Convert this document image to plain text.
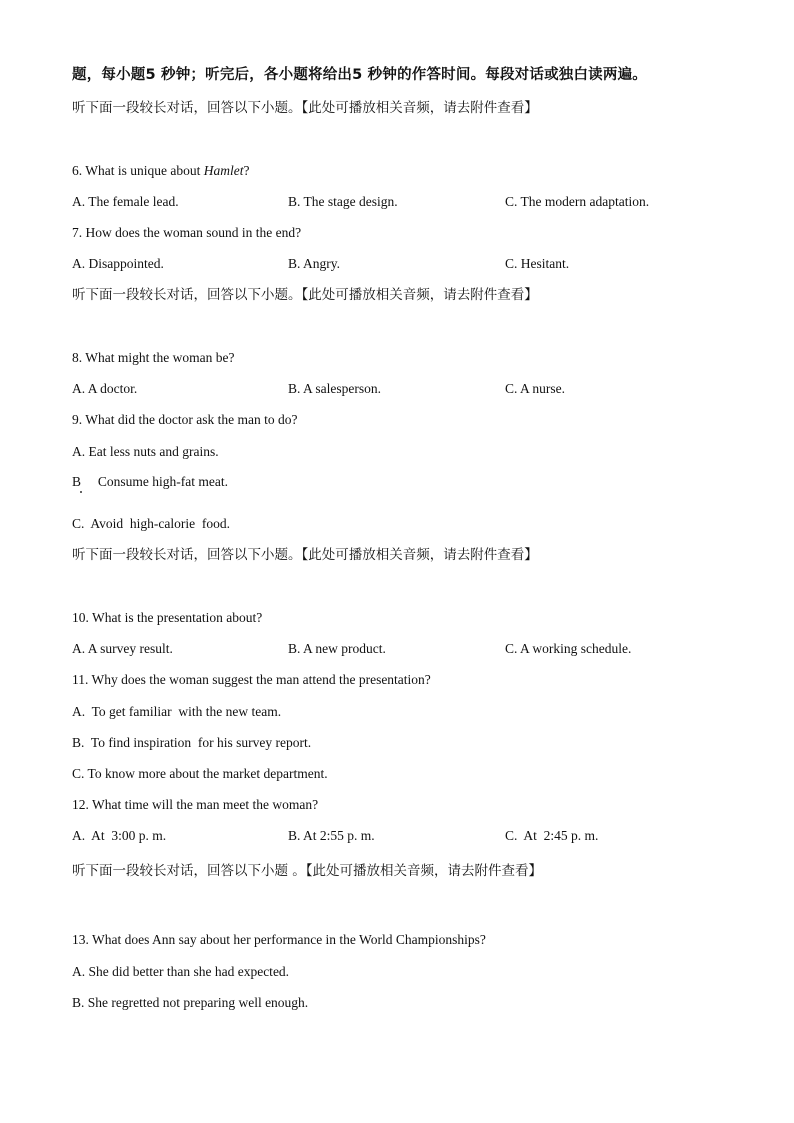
题，每小题5 秒钟；听完后，各小题将给出5 秒钟的作答时间。每段对话或独白读两遍。
听下面一段较长对话，回答以下小题。【此处可播放相关音频，请去附件查看】
6. What is unique about Hamlet?
A. The female lead.	B. The stage design.	C. The modern adaptation.
7. How does the woman sound in the end?
A. Disappointed.	B. Angry.	C. Hesitant.
听下面一段较长对话，回答以下小题。【此处可播放相关音频，请去附件查看】
8. What might the woman be?
A. A doctor.	B. A salesperson.	C. A nurse.
9. What did the doctor ask the man to do?
A. Eat less nuts and grains.
B     Consume high-fat meat.
C.  Avoid  high-calorie  food.
听下面一段较长对话，回答以下小题。【此处可播放相关音频，请去附件查看】
10. What is the presentation about?
A. A survey result.	B. A new product.	C. A working schedule.
11. Why does the woman suggest the man attend the presentation?
A.  To get familiar  with the new team.
B.  To find inspiration  for his survey report.
C. To know more about the market department.
12. What time will the man meet the woman?
A.  At  3:00 p. m.	B. At 2:55 p. m.	C.  At  2:45 p. m.
听下面一段较长对话，回答以下小题 。【此处可播放相关音频，请去附件查看】
13. What does Ann say about her performance in the World Championships?
A. She did better than she had expected.
B. She regretted not preparing well enough.
